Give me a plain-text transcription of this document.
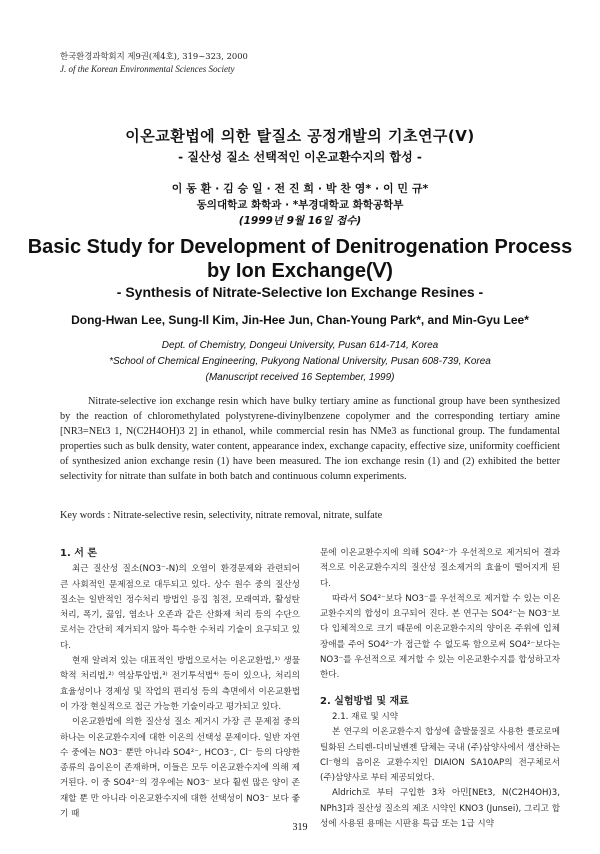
한국환경과학회지 제9권(제4호), 319~323, 2000
J. of the Korean Environmental Sciences Society
이온교환법에 의한 탈질소 공정개발의 기초연구(Ⅴ)
- 질산성 질소 선택적인 이온교환수지의 합성 -
이 동 환 · 김 승 일 · 전 진 희 · 박 찬 영* · 이 민 규*
동의대학교 화학과 · *부경대학교 화학공학부
(1999년 9월 16일 접수)
Basic Study for Development of Denitrogenation Process
by Ion Exchange(Ⅴ)
- Synthesis of Nitrate-Selective Ion Exchange Resines -
Dong-Hwan Lee, Sung-Il Kim, Jin-Hee Jun, Chan-Young Park*, and Min-Gyu Lee*
Dept. of Chemistry, Dongeui University, Pusan 614-714, Korea
*School of Chemical Engineering, Pukyong National University, Pusan 608-739, Korea
(Manuscript received 16 September, 1999)

Nitrate-selective ion exchange resin which have bulky tertiary amine as functional group have been synthesized by the reaction of chloromethylated polystyrene-divinylbenzene copolymer and the corresponding tertiary amine [NR3=NEt3 1, N(C2H4OH)3 2] in ethanol, while commercial resin has NMe3 as functional group. The fundamental properties such as bulk density, water content, appearance index, exchange capacity, effective size, uniformity coefficient of synthesized anion exchange resin (1) have been measured. The ion exchange resin (1) and (2) exhibited the better selectivity for nitrate than sulfate in both batch and continuous column experiments.

Key words : Nitrate-selective resin, selectivity, nitrate removal, nitrate, sulfate

1. 서 론

최근 질산성 질소(NO3⁻-N)의 오염이 환경문제와 관련되어 큰 사회적인 문제점으로 대두되고 있다. 상수 원수 중의 질산성 질소는 일반적인 정수처리 방법인 응집 침전, 모래여과, 활성탄 처리, 폭기, 끓임, 염소나 오존과 같은 산화제 처리 등의 수단으로서는 간단히 제거되지 않아 특수한 수처리 기술이 요구되고 있다.

현재 알려져 있는 대표적인 방법으로서는 이온교환법,¹⁾ 생물학적 처리법,²⁾ 역삼투압법,³⁾ 전기투석법⁴⁾ 등이 있으나, 처리의 효율성이나 경제성 및 작업의 편리성 등의 측면에서 이온교환법이 가장 현실적으로 접근 가능한 기술이라고 평가되고 있다.

이온교환법에 의한 질산성 질소 제거시 가장 큰 문제점 중의 하나는 이온교환수지에 대한 이온의 선택성 문제이다. 일반 자연수 중에는 NO3⁻ 뿐만 아니라 SO4²⁻, HCO3⁻, Cl⁻ 등의 다양한 종류의 음이온이 존재하며, 이들은 모두 이온교환수지에 의해 제거된다. 이 중 SO4²⁻의 경우에는 NO3⁻ 보다 훨씬 많은 양이 존재할 뿐 만 아니라 이온교환수지에 대한 선택성이 NO3⁻ 보다 좋기 때

문에 이온교환수지에 의해 SO4²⁻가 우선적으로 제거되어 결과적으로 이온교환수지의 질산성 질소제거의 효율이 떨어지게 된다.

따라서 SO4²⁻보다 NO3⁻를 우선적으로 제거할 수 있는 이온교환수지의 합성이 요구되어 진다. 본 연구는 SO4²⁻는 NO3⁻보다 입체적으로 크기 때문에 이온교환수지의 양이온 주위에 입체장애를 주어 SO4²⁻가 접근할 수 없도록 함으로써 SO4²⁻보다는 NO3⁻를 우선적으로 제거할 수 있는 이온교환수지를 합성하고자 한다.

2. 실험방법 및 재료

2.1. 재료 및 시약

본 연구의 이온교환수지 합성에 출발물질로 사용한 클로로메틸화된 스티렌-디비닐벤젠 담체는 국내 (주)삼양사에서 생산하는 Cl⁻형의 음이온 교환수지인 DIAION SA10AP의 전구체로서 (주)삼양사로 부터 제공되었다.

Aldrich로 부터 구입한 3차 아민[NEt3, N(C2H4OH)3, NPh3]과 질산성 질소의 제조 시약인 KNO3 (Junsei), 그리고 합성에 사용된 용매는 시판용 특급 또는 1급 시약

319
